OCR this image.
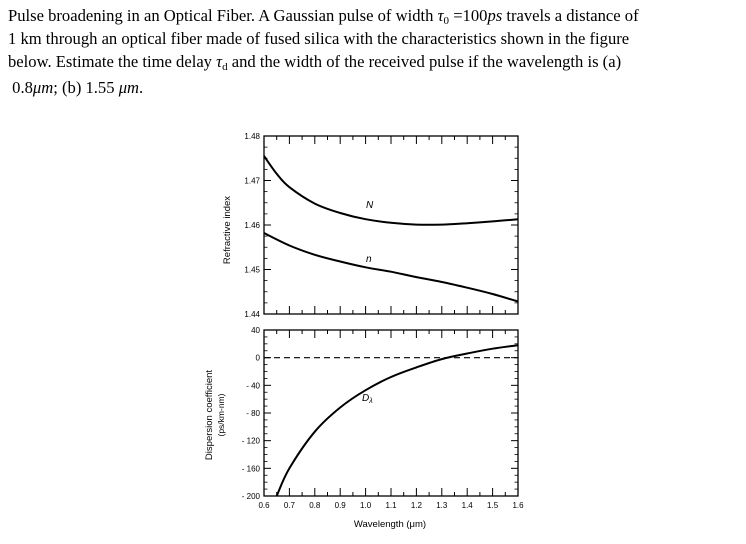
Pulse broadening in an Optical Fiber. A Gaussian pulse of width $\tau_0 =100ps$ travels a distance of

1 km through an optical fiber made of fused silica with the characteristics shown in the figure

below. Estimate the time delay $\tau_d$ and the width of the received pulse if the wavelength is (a)

0.8μm; (b) 1.55 μm.

1.44
1.45
1.46
1.47
1.48
40
0
- 40
- 80
- 120
- 160
- 200
0.6 0.7 0.8 0.9 1.0 1.1 1.2 1.3 1.4 1.5 1.6
Refractive index
Dispersion coefficient (ps/km-nm)
Wavelength (μm)
N
n
$D_\lambda$
